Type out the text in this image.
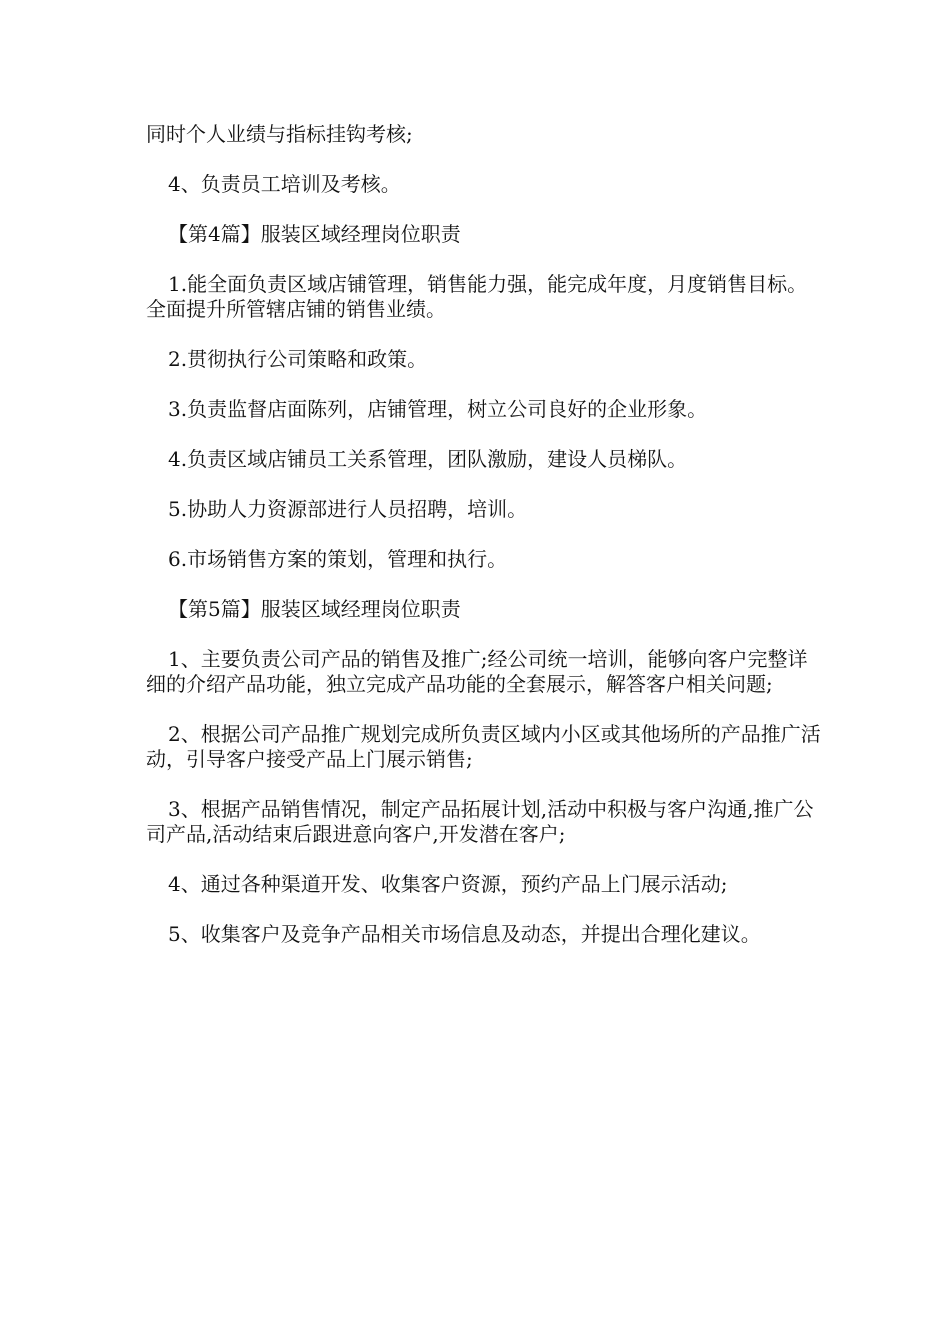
同时个人业绩与指标挂钩考核;

4、负责员工培训及考核。

【第4篇】服装区域经理岗位职责

1.能全面负责区域店铺管理，销售能力强，能完成年度，月度销售目标。全面提升所管辖店铺的销售业绩。

2.贯彻执行公司策略和政策。

3.负责监督店面陈列，店铺管理，树立公司良好的企业形象。

4.负责区域店铺员工关系管理，团队激励，建设人员梯队。

5.协助人力资源部进行人员招聘，培训。

6.市场销售方案的策划，管理和执行。

【第5篇】服装区域经理岗位职责

1、主要负责公司产品的销售及推广;经公司统一培训，能够向客户完整详细的介绍产品功能，独立完成产品功能的全套展示，解答客户相关问题;

2、根据公司产品推广规划完成所负责区域内小区或其他场所的产品推广活动，引导客户接受产品上门展示销售;

3、根据产品销售情况，制定产品拓展计划,活动中积极与客户沟通,推广公司产品,活动结束后跟进意向客户,开发潜在客户;

4、通过各种渠道开发、收集客户资源，预约产品上门展示活动;

5、收集客户及竞争产品相关市场信息及动态，并提出合理化建议。
